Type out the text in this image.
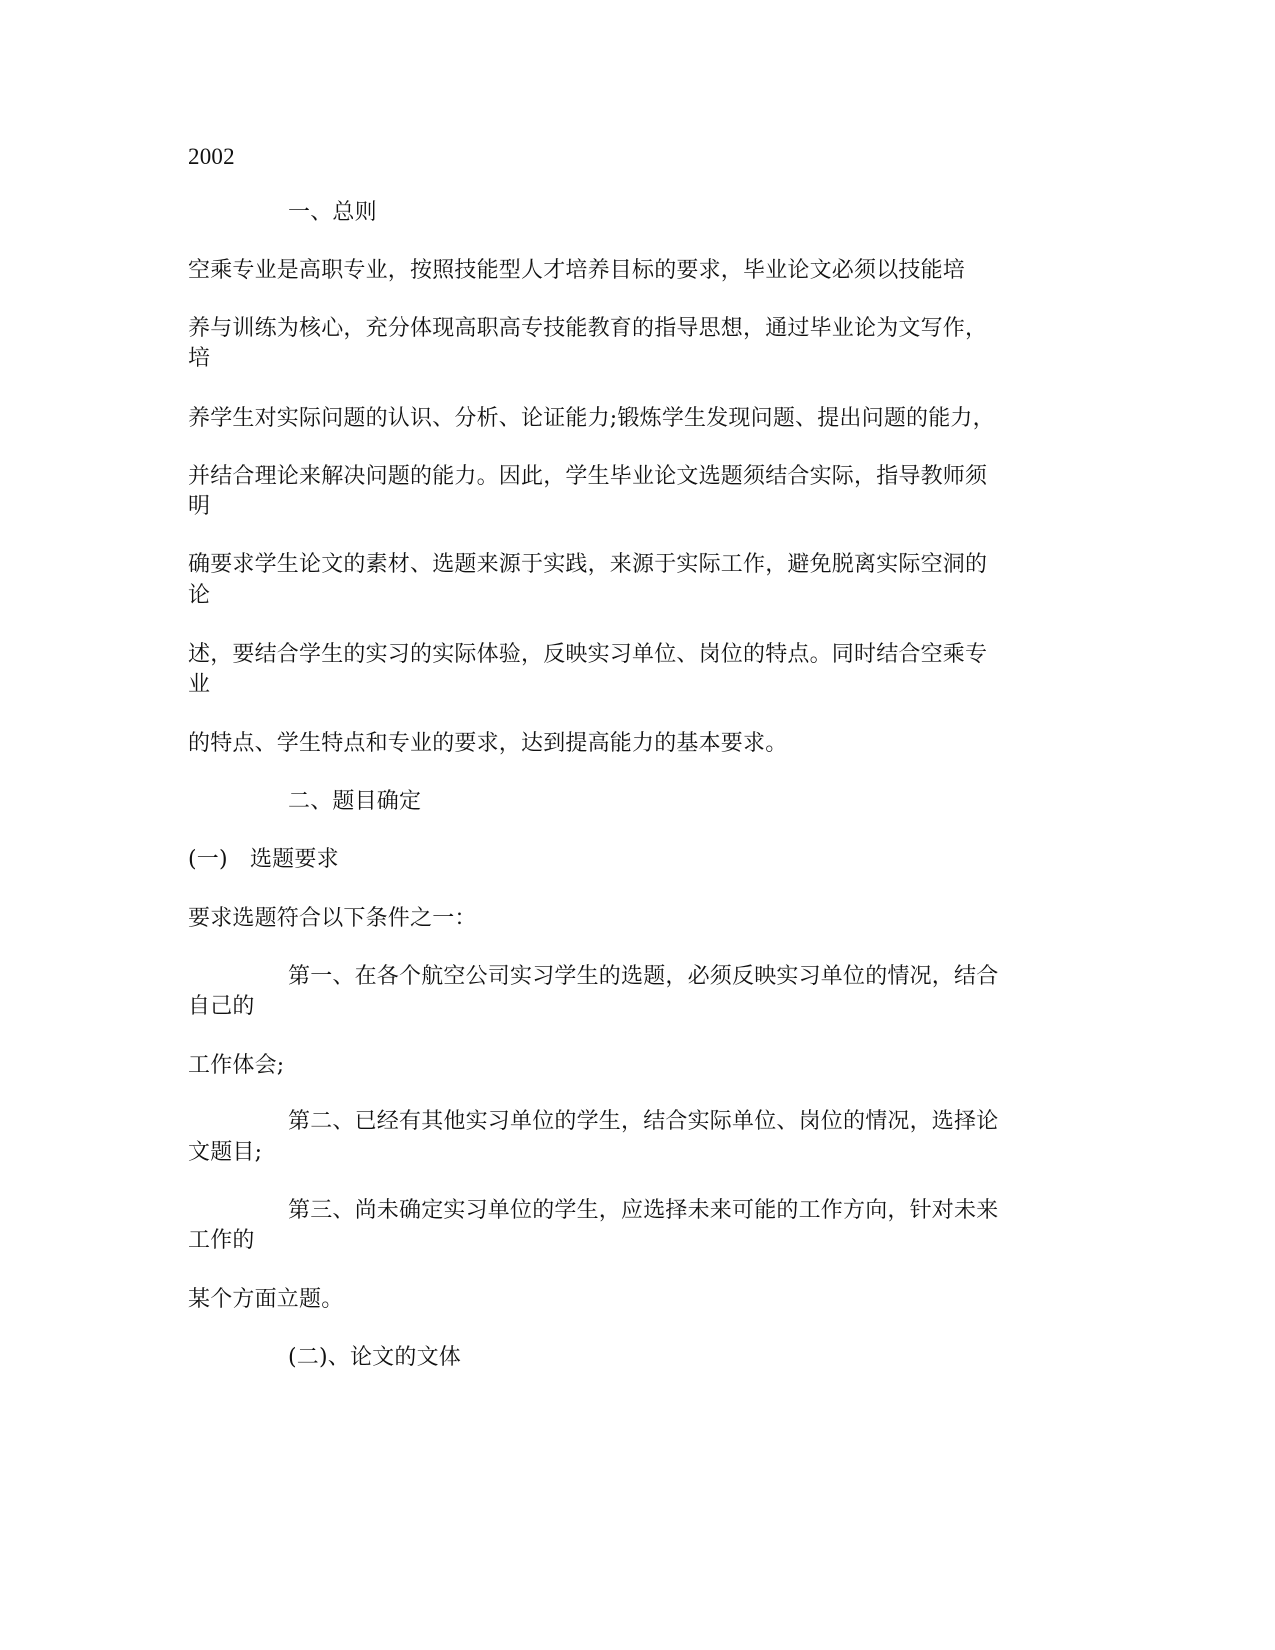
2002
一、总则
空乘专业是高职专业，按照技能型人才培养目标的要求，毕业论文必须以技能培
养与训练为核心，充分体现高职高专技能教育的指导思想，通过毕业论为文写作，
培
养学生对实际问题的认识、分析、论证能力;锻炼学生发现问题、提出问题的能力，
并结合理论来解决问题的能力。因此，学生毕业论文选题须结合实际，指导教师须
明
确要求学生论文的素材、选题来源于实践，来源于实际工作，避免脱离实际空洞的
论
述，要结合学生的实习的实际体验，反映实习单位、岗位的特点。同时结合空乘专
业
的特点、学生特点和专业的要求，达到提高能力的基本要求。
二、题目确定
(一)　选题要求
要求选题符合以下条件之一：
第一、在各个航空公司实习学生的选题，必须反映实习单位的情况，结合
自己的
工作体会;
第二、已经有其他实习单位的学生，结合实际单位、岗位的情况，选择论
文题目;
第三、尚未确定实习单位的学生，应选择未来可能的工作方向，针对未来
工作的
某个方面立题。
(二)、论文的文体
